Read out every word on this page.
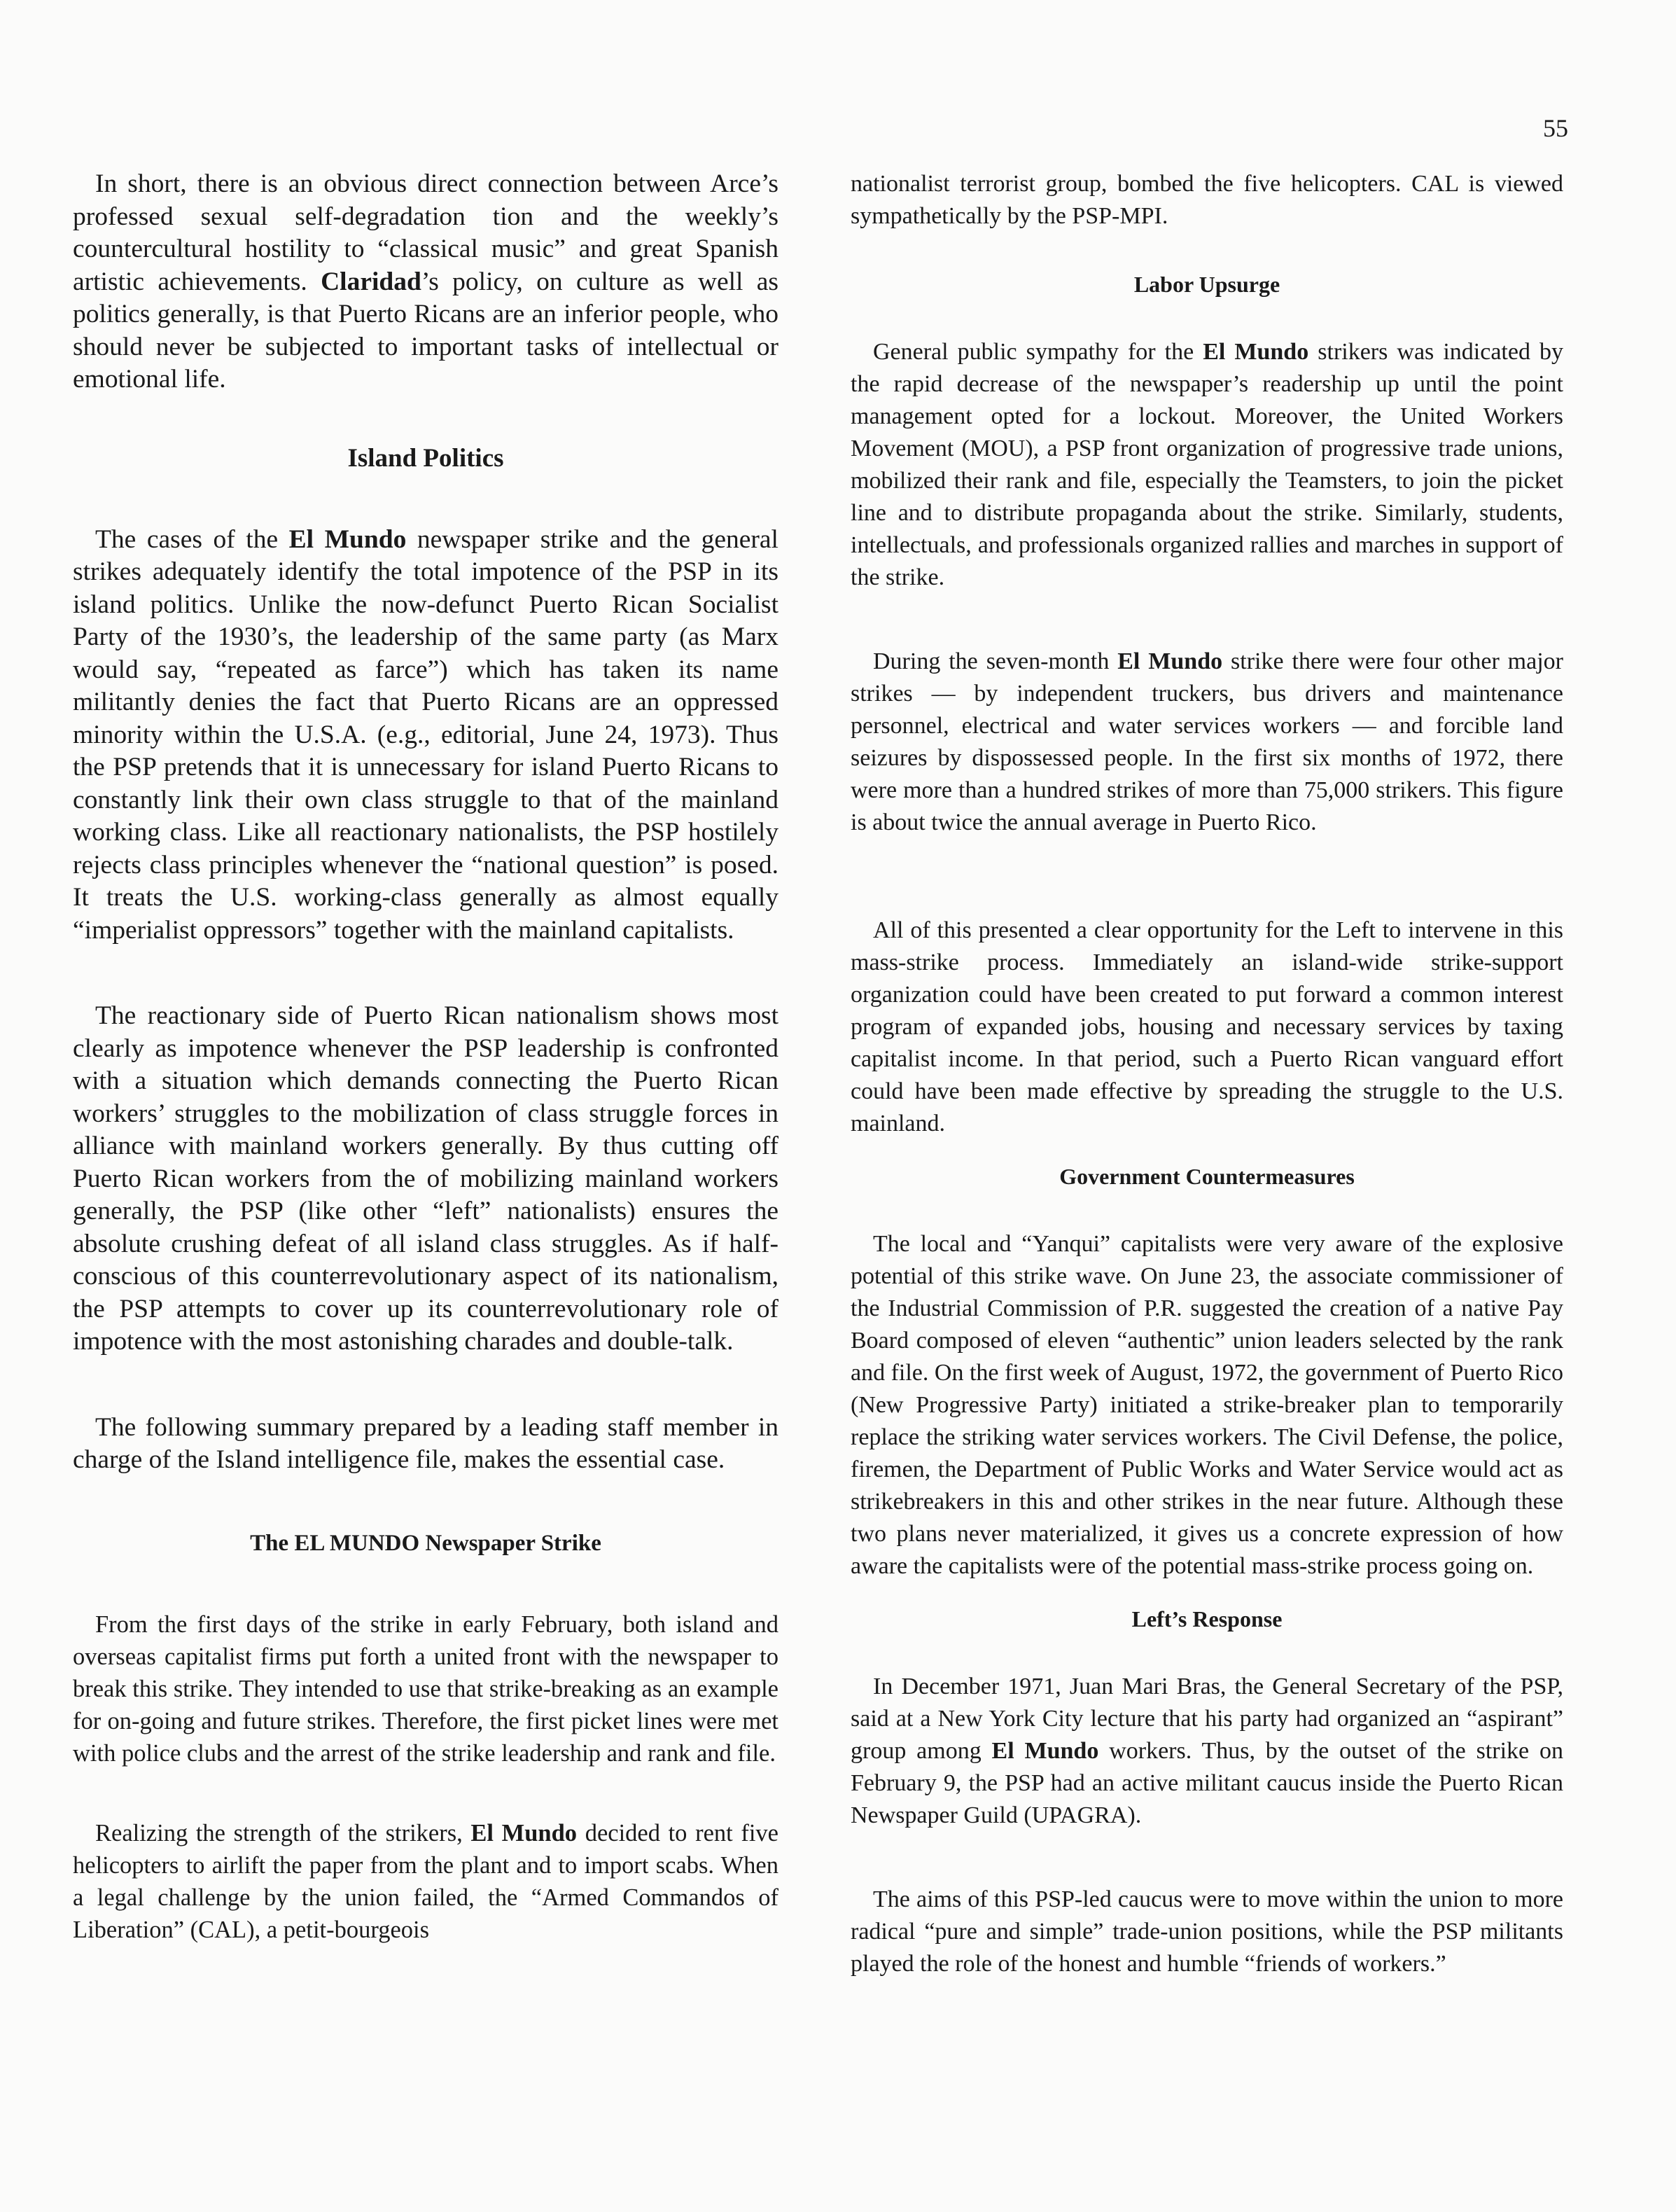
55

In short, there is an obvious direct connection between Arce’s professed sexual self-degradation tion and the weekly’s countercultural hostility to “classical music” and great Spanish artistic achievements. Claridad’s policy, on culture as well as politics generally, is that Puerto Ricans are an inferior people, who should never be subjected to important tasks of intellectual or emotional life.

Island Politics

The cases of the El Mundo newspaper strike and the general strikes adequately identify the total impotence of the PSP in its island politics. Unlike the now-defunct Puerto Rican Socialist Party of the 1930’s, the leadership of the same party (as Marx would say, “repeated as farce”) which has taken its name militantly denies the fact that Puerto Ricans are an oppressed minority within the U.S.A. (e.g., editorial, June 24, 1973). Thus the PSP pretends that it is unnecessary for island Puerto Ricans to constantly link their own class struggle to that of the mainland working class. Like all reactionary nationalists, the PSP hostilely rejects class principles whenever the “national question” is posed. It treats the U.S. working-class generally as almost equally “imperialist oppressors” together with the mainland capitalists.

The reactionary side of Puerto Rican nationalism shows most clearly as impotence whenever the PSP leadership is confronted with a situation which demands connecting the Puerto Rican workers’ struggles to the mobilization of class struggle forces in alliance with mainland workers generally. By thus cutting off Puerto Rican workers from the of mobilizing mainland workers generally, the PSP (like other “left” nationalists) ensures the absolute crushing defeat of all island class struggles. As if half-conscious of this counterrevolutionary aspect of its nationalism, the PSP attempts to cover up its counterrevolutionary role of impotence with the most astonishing charades and double-talk.

The following summary prepared by a leading staff member in charge of the Island intelligence file, makes the essential case.

The EL MUNDO Newspaper Strike

From the first days of the strike in early February, both island and overseas capitalist firms put forth a united front with the newspaper to break this strike. They intended to use that strike-breaking as an example for on-going and future strikes. Therefore, the first picket lines were met with police clubs and the arrest of the strike leadership and rank and file.

Realizing the strength of the strikers, El Mundo decided to rent five helicopters to airlift the paper from the plant and to import scabs. When a legal challenge by the union failed, the “Armed Commandos of Liberation” (CAL), a petit-bourgeois

nationalist terrorist group, bombed the five helicopters. CAL is viewed sympathetically by the PSP-MPI.

Labor Upsurge

General public sympathy for the El Mundo strikers was indicated by the rapid decrease of the newspaper’s readership up until the point management opted for a lockout. Moreover, the United Workers Movement (MOU), a PSP front organization of progressive trade unions, mobilized their rank and file, especially the Teamsters, to join the picket line and to distribute propaganda about the strike. Similarly, students, intellectuals, and professionals organized rallies and marches in support of the strike.

During the seven-month El Mundo strike there were four other major strikes — by independent truckers, bus drivers and maintenance personnel, electrical and water services workers — and forcible land seizures by dispossessed people. In the first six months of 1972, there were more than a hundred strikes of more than 75,000 strikers. This figure is about twice the annual average in Puerto Rico.

All of this presented a clear opportunity for the Left to intervene in this mass-strike process. Immediately an island-wide strike-support organization could have been created to put forward a common interest program of expanded jobs, housing and necessary services by taxing capitalist income. In that period, such a Puerto Rican vanguard effort could have been made effective by spreading the struggle to the U.S. mainland.

Government Countermeasures

The local and “Yanqui” capitalists were very aware of the explosive potential of this strike wave. On June 23, the associate commissioner of the Industrial Commission of P.R. suggested the creation of a native Pay Board composed of eleven “authentic” union leaders selected by the rank and file. On the first week of August, 1972, the government of Puerto Rico (New Progressive Party) initiated a strike-breaker plan to temporarily replace the striking water services workers. The Civil Defense, the police, firemen, the Department of Public Works and Water Service would act as strikebreakers in this and other strikes in the near future. Although these two plans never materialized, it gives us a concrete expression of how aware the capitalists were of the potential mass-strike process going on.

Left’s Response

In December 1971, Juan Mari Bras, the General Secretary of the PSP, said at a New York City lecture that his party had organized an “aspirant” group among El Mundo workers. Thus, by the outset of the strike on February 9, the PSP had an active militant caucus inside the Puerto Rican Newspaper Guild (UPAGRA).

The aims of this PSP-led caucus were to move within the union to more radical “pure and simple” trade-union positions, while the PSP militants played the role of the honest and humble “friends of workers.”
